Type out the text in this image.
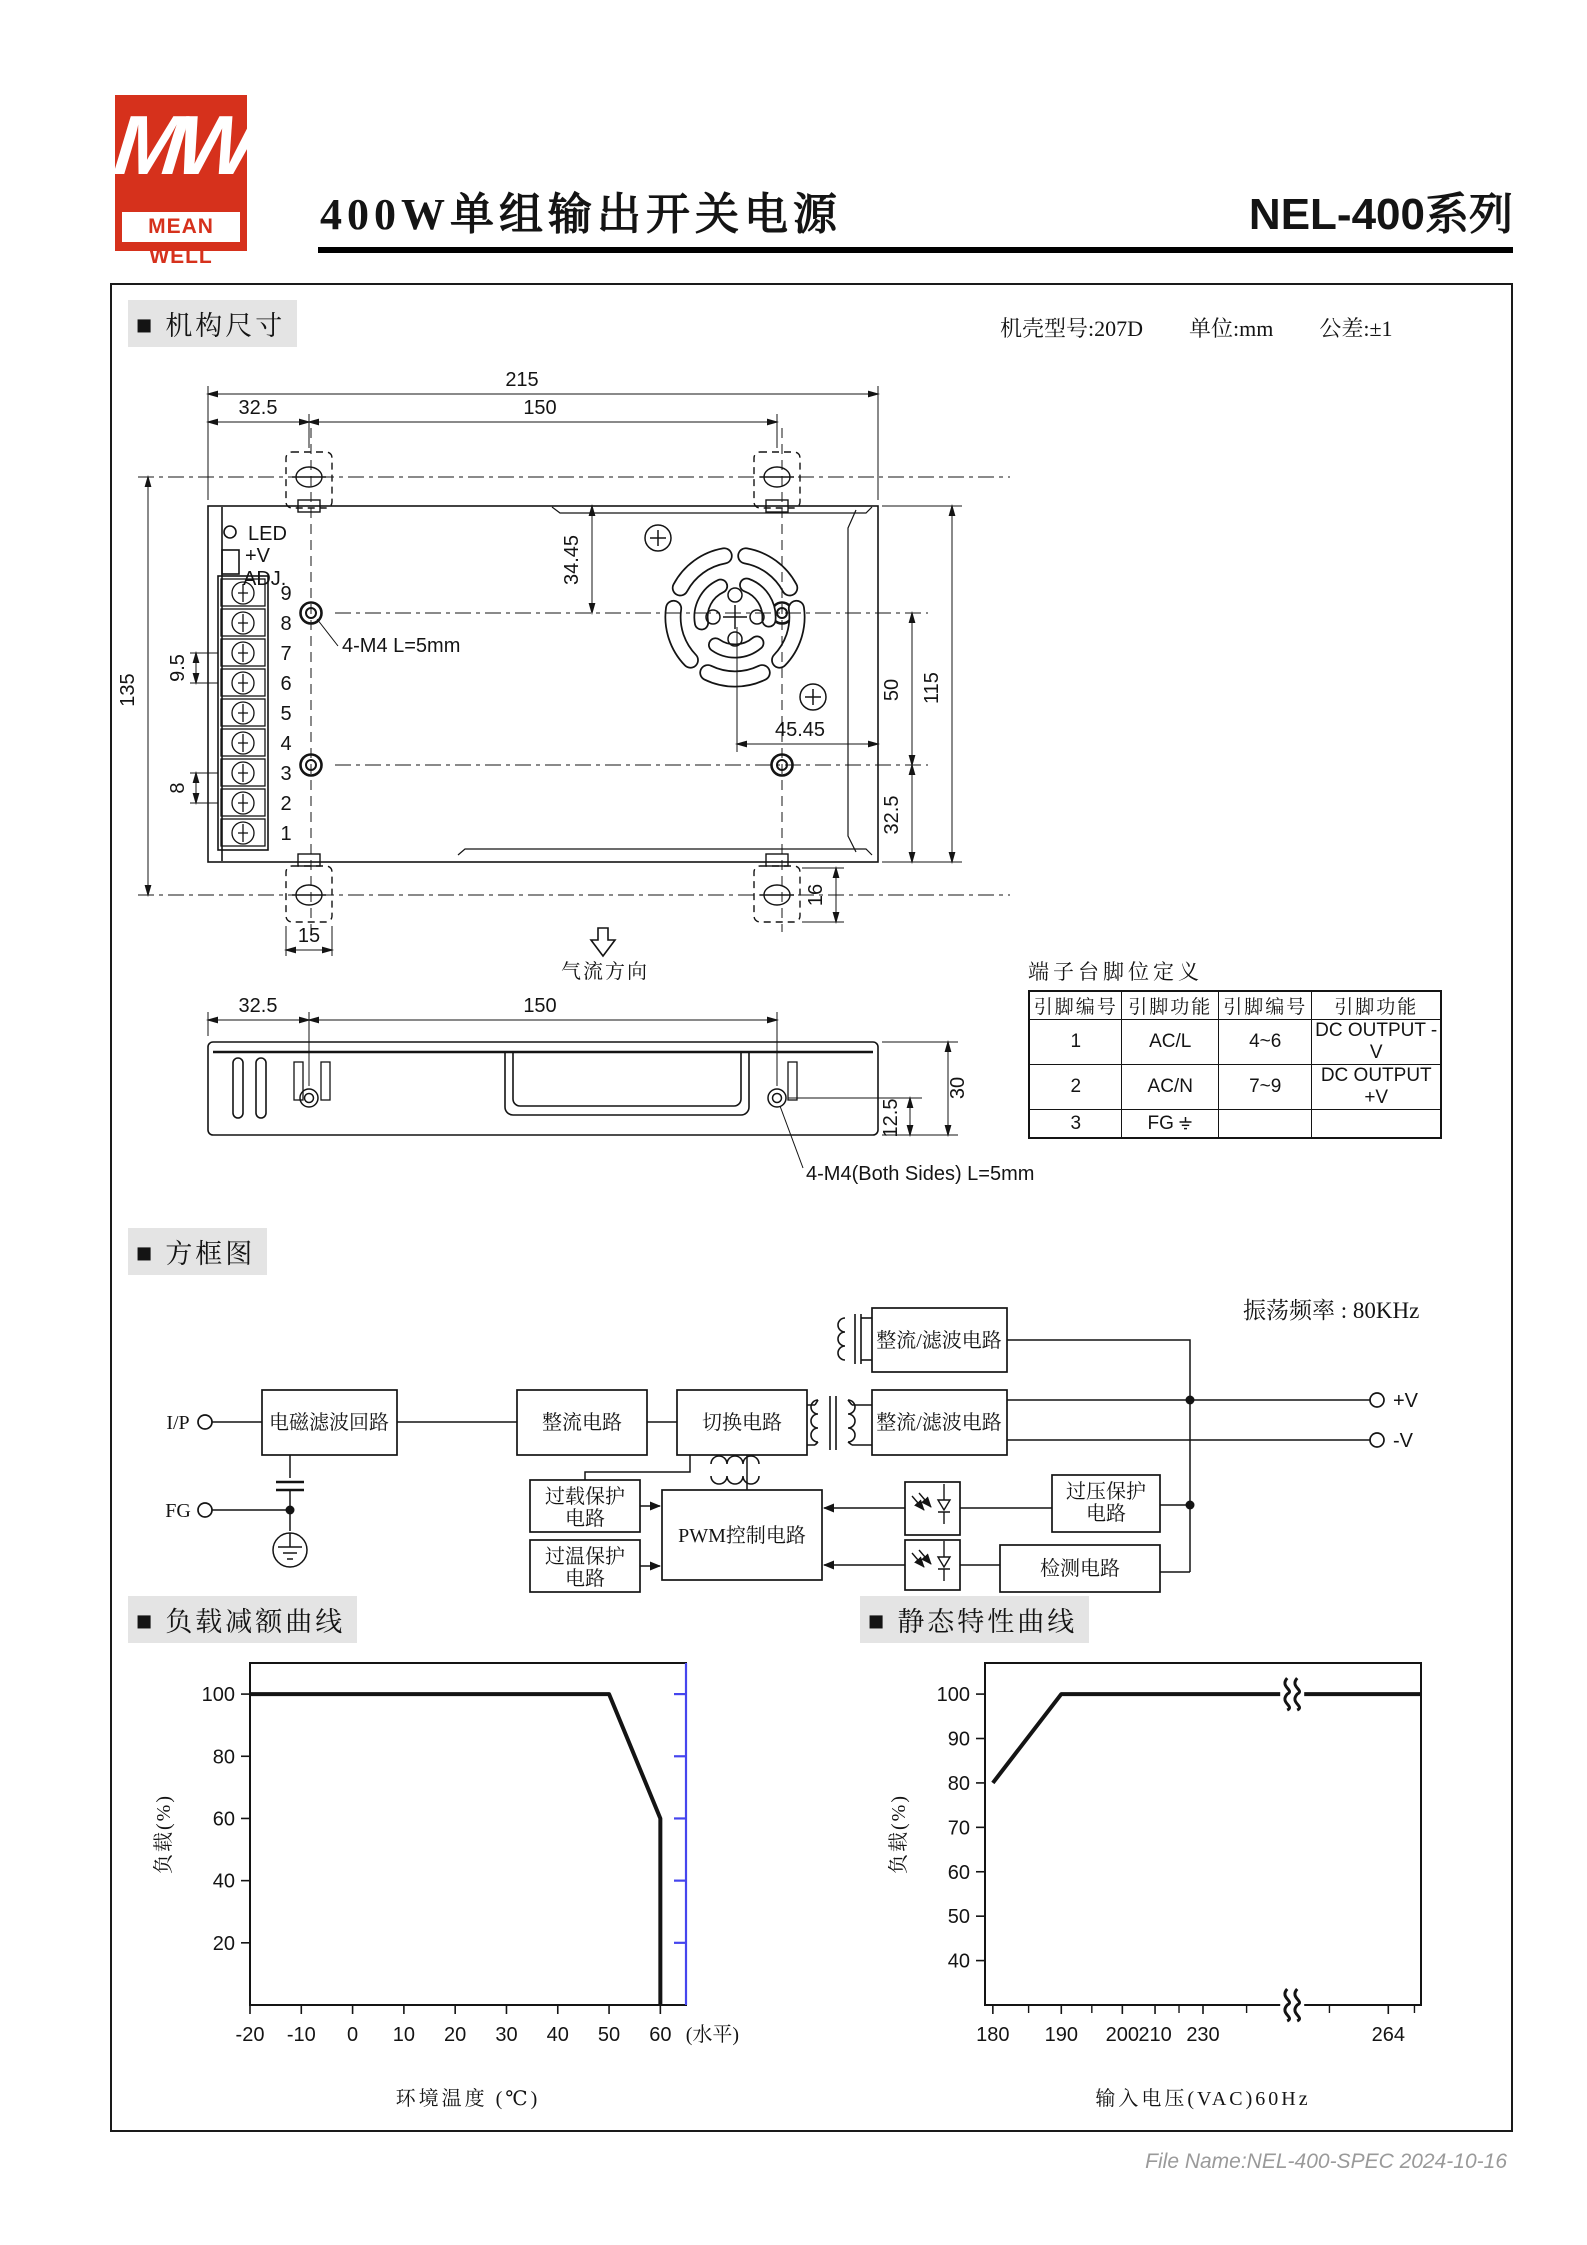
MW
MEAN WELL
400W单组输出开关电源	NEL-400系列
■ 机构尺寸	机壳型号:207D 单位:mm 公差:±1
215
32.5	150
135
9.5
8
34.45
50 115
32.5
45.45
16
15
LED
+V
ADJ.
4-M4 L=5mm
9
8
7
6
5
4
3
2
1
气流方向
32.5	150
30
12.5
4-M4(Both Sides) L=5mm
端子台脚位定义
引脚编号	引脚功能	引脚编号	引脚功能
1	AC/L	4~6	DC OUTPUT -V
2	AC/N	7~9	DC OUTPUT +V
3	FG		
■ 方框图
振荡频率 : 80KHz
I/P
FG
电磁滤波回路	整流电路	切换电路	整流/滤波电路
整流/滤波电路
过载保护
电路
过温保护
电路
PWM控制电路
过压保护
电路
检测电路
+V
-V
■ 负载减额曲线	■ 静态特性曲线
20
40
60
80
100
-20 -10 0 10 20 30 40 50 60 (水平)
负载(%)
环境温度 (℃)
40
50
60
70
80
90
100
180 190 200 210 230	264
负载(%)
输入电压(VAC)60Hz
File Name:NEL-400-SPEC 2024-10-16
